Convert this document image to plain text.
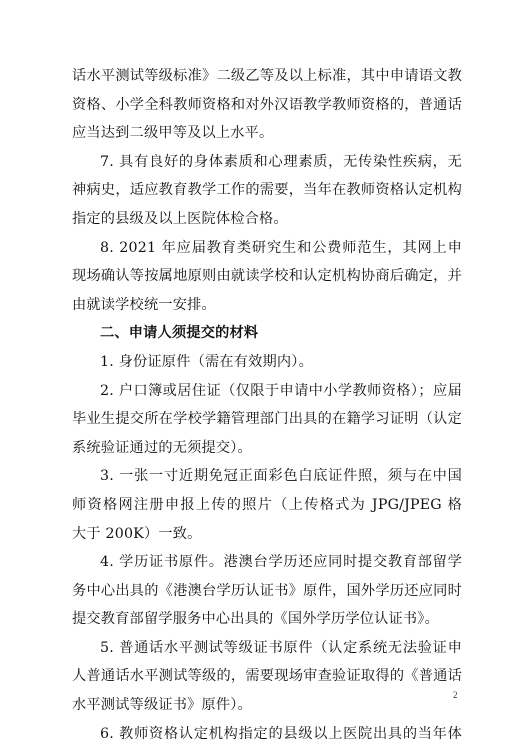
话水平测试等级标准》二级乙等及以上标准，其中申请语文教
资格、小学全科教师资格和对外汉语教学教师资格的，普通话
应当达到二级甲等及以上水平。
7. 具有良好的身体素质和心理素质，无传染性疾病，无
神病史，适应教育教学工作的需要，当年在教师资格认定机构
指定的县级及以上医院体检合格。
8. 2021 年应届教育类研究生和公费师范生，其网上申
现场确认等按属地原则由就读学校和认定机构协商后确定，并
由就读学校统一安排。
二、申请人须提交的材料
1. 身份证原件（需在有效期内）。
2. 户口簿或居住证（仅限于申请中小学教师资格）；应届
毕业生提交所在学校学籍管理部门出具的在籍学习证明（认定
系统验证通过的无须提交）。
3. 一张一寸近期免冠正面彩色白底证件照，须与在中国
师资格网注册申报上传的照片（上传格式为 JPG/JPEG 格
大于 200K）一致。
4. 学历证书原件。港澳台学历还应同时提交教育部留学
务中心出具的《港澳台学历认证书》原件，国外学历还应同时
提交教育部留学服务中心出具的《国外学历学位认证书》。
5. 普通话水平测试等级证书原件（认定系统无法验证申
人普通话水平测试等级的，需要现场审查验证取得的《普通话
水平测试等级证书》原件）。
6. 教师资格认定机构指定的县级以上医院出具的当年体
2
